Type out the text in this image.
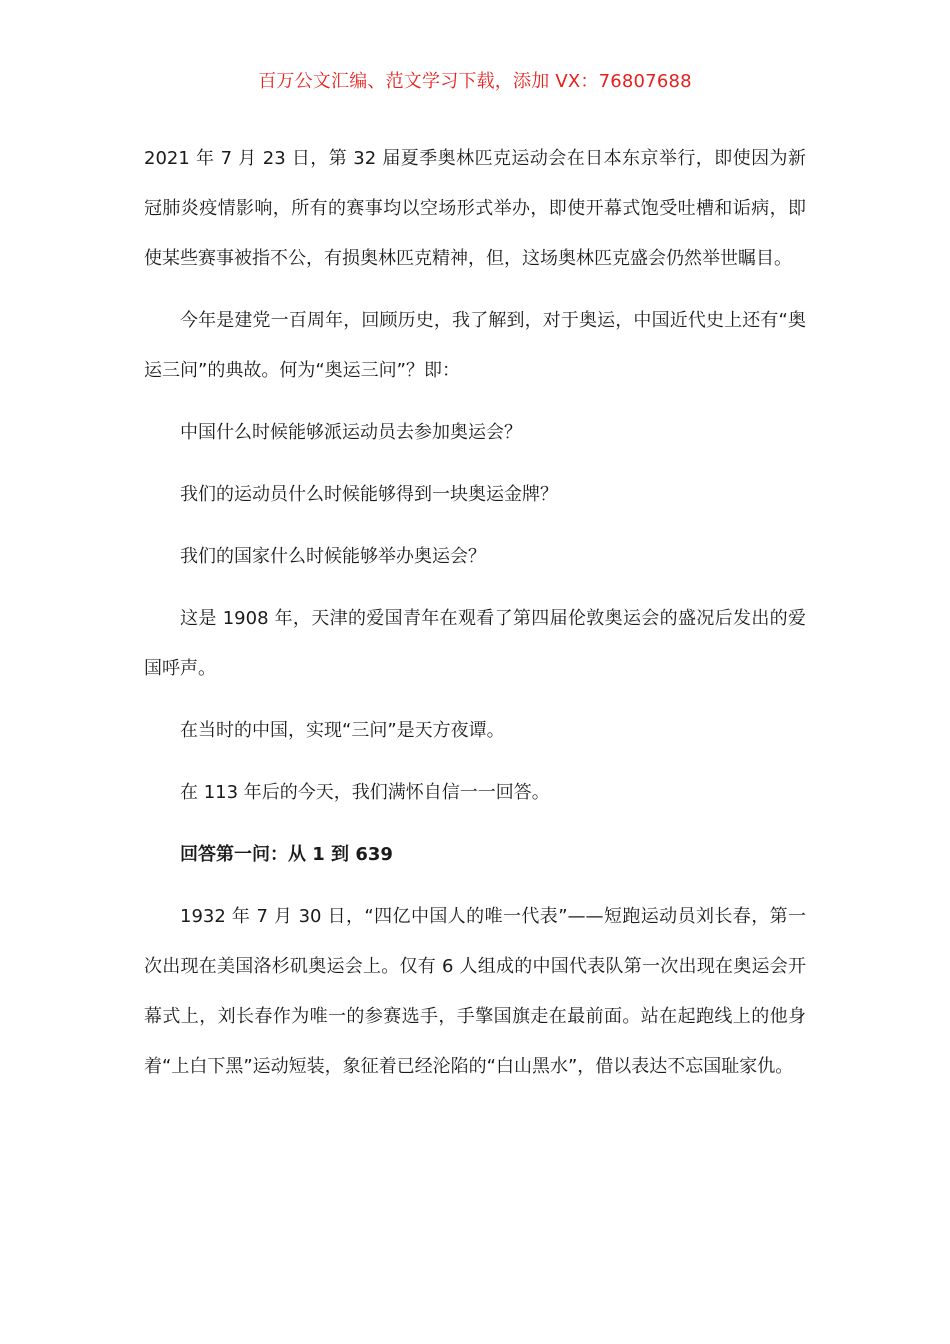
百万公文汇编、范文学习下载，添加 VX：76807688

2021 年 7 月 23 日，第 32 届夏季奥林匹克运动会在日本东京举行，即使因为新冠肺炎疫情影响，所有的赛事均以空场形式举办，即使开幕式饱受吐槽和诟病，即使某些赛事被指不公，有损奥林匹克精神，但，这场奥林匹克盛会仍然举世瞩目。

今年是建党一百周年，回顾历史，我了解到，对于奥运，中国近代史上还有“奥运三问”的典故。何为“奥运三问”？即：

中国什么时候能够派运动员去参加奥运会？

我们的运动员什么时候能够得到一块奥运金牌？

我们的国家什么时候能够举办奥运会？

这是 1908 年，天津的爱国青年在观看了第四届伦敦奥运会的盛况后发出的爱国呼声。

在当时的中国，实现“三问”是天方夜谭。

在 113 年后的今天，我们满怀自信一一回答。

回答第一问：从 1 到 639

1932 年 7 月 30 日，“四亿中国人的唯一代表”——短跑运动员刘长春，第一次出现在美国洛杉矶奥运会上。仅有 6 人组成的中国代表队第一次出现在奥运会开幕式上，刘长春作为唯一的参赛选手，手擎国旗走在最前面。站在起跑线上的他身着“上白下黑”运动短装，象征着已经沦陷的“白山黑水”，借以表达不忘国耻家仇。
